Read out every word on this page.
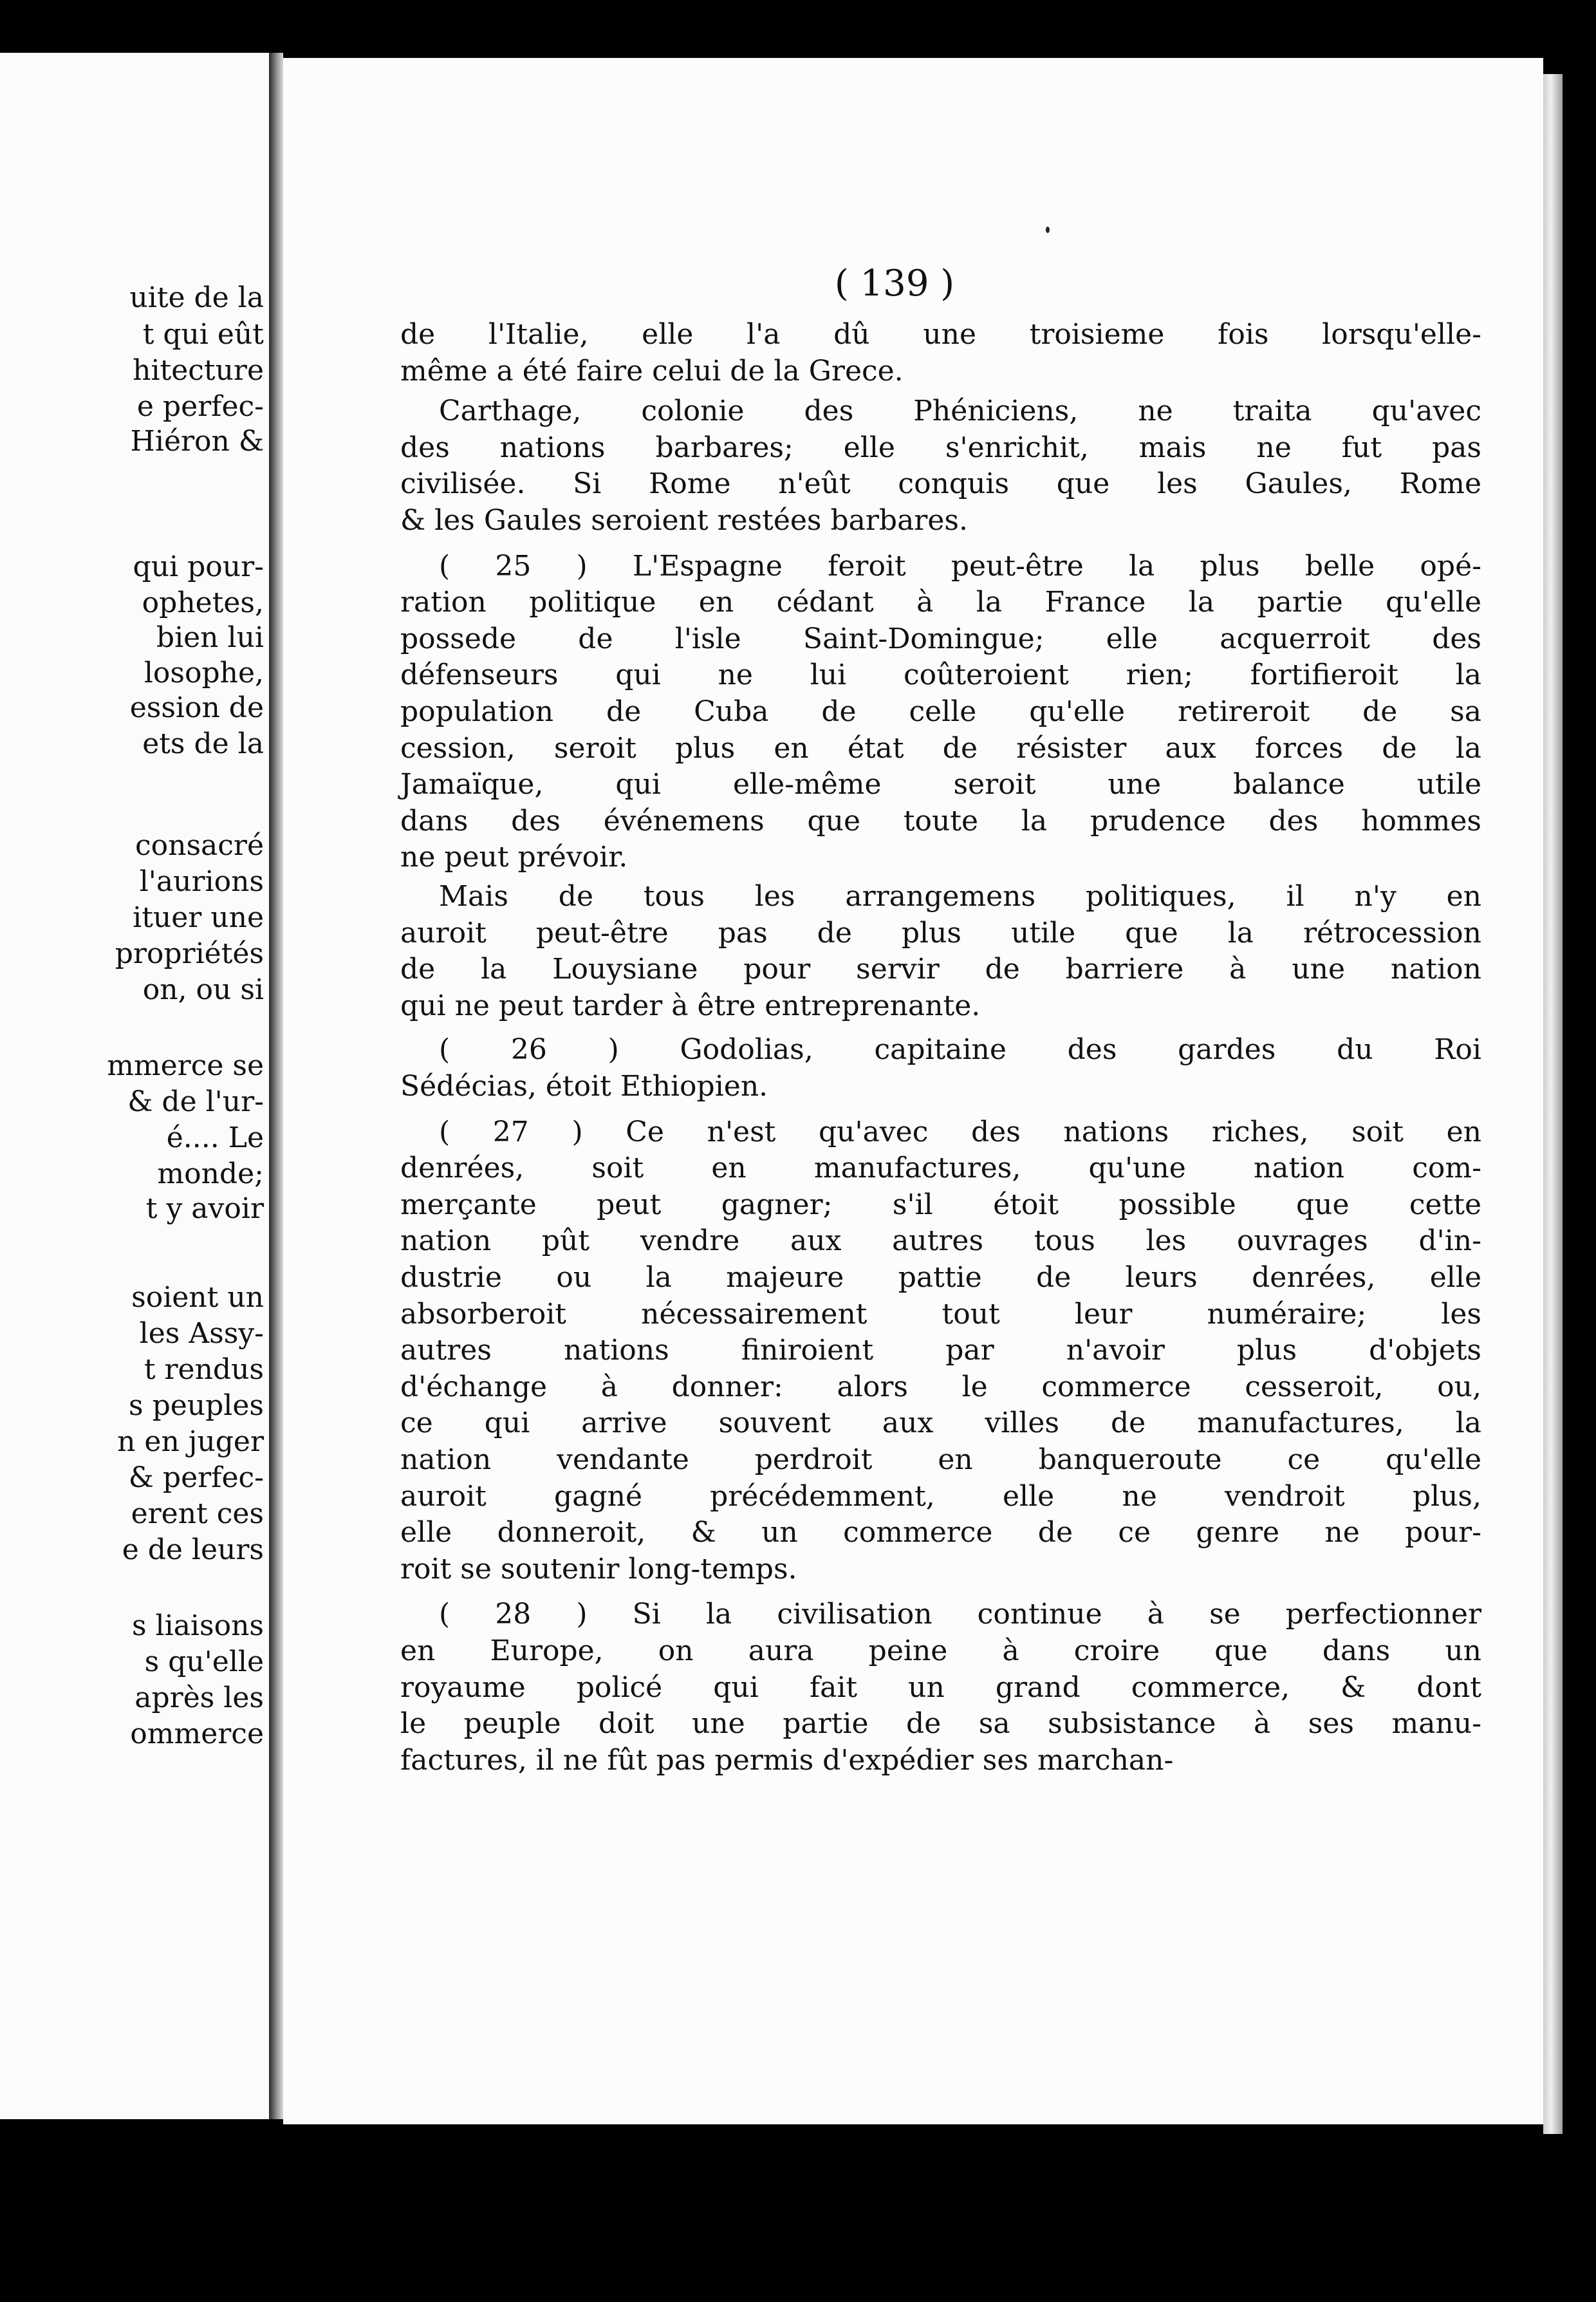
uite de la
t qui eût
hitecture
e perfec-
Hiéron &
qui pour-
ophetes,
bien lui
losophe,
ession de
ets de la
consacré
l'aurions
ituer une
propriétés
on, ou si
mmerce se
& de l'ur-
é.... Le
monde;
t y avoir
soient un
les Assy-
t rendus
s peuples
n en juger
& perfec-
erent ces
e de leurs
s liaisons
s qu'elle
après les
ommerce

( 139 )

de l'Italie, elle l'a dû une troisieme fois lorsqu'elle-
même a été faire celui de la Grece.
Carthage, colonie des Phéniciens, ne traita qu'avec
des nations barbares; elle s'enrichit, mais ne fut pas
civilisée. Si Rome n'eût conquis que les Gaules, Rome
& les Gaules seroient restées barbares.
( 25 ) L'Espagne feroit peut-être la plus belle opé-
ration politique en cédant à la France la partie qu'elle
possede de l'isle Saint-Domingue; elle acquerroit des
défenseurs qui ne lui coûteroient rien; fortifieroit la
population de Cuba de celle qu'elle retireroit de sa
cession, seroit plus en état de résister aux forces de la
Jamaïque, qui elle-même seroit une balance utile
dans des événemens que toute la prudence des hommes
ne peut prévoir.
Mais de tous les arrangemens politiques, il n'y en
auroit peut-être pas de plus utile que la rétrocession
de la Louysiane pour servir de barriere à une nation
qui ne peut tarder à être entreprenante.
( 26 ) Godolias, capitaine des gardes du Roi
Sédécias, étoit Ethiopien.
( 27 ) Ce n'est qu'avec des nations riches, soit en
denrées, soit en manufactures, qu'une nation com-
merçante peut gagner; s'il étoit possible que cette
nation pût vendre aux autres tous les ouvrages d'in-
dustrie ou la majeure pattie de leurs denrées, elle
absorberoit nécessairement tout leur numéraire; les
autres nations finiroient par n'avoir plus d'objets
d'échange à donner: alors le commerce cesseroit, ou,
ce qui arrive souvent aux villes de manufactures, la
nation vendante perdroit en banqueroute ce qu'elle
auroit gagné précédemment, elle ne vendroit plus,
elle donneroit, & un commerce de ce genre ne pour-
roit se soutenir long-temps.
( 28 ) Si la civilisation continue à se perfectionner
en Europe, on aura peine à croire que dans un
royaume policé qui fait un grand commerce, & dont
le peuple doit une partie de sa subsistance à ses manu-
factures, il ne fût pas permis d'expédier ses marchan-
